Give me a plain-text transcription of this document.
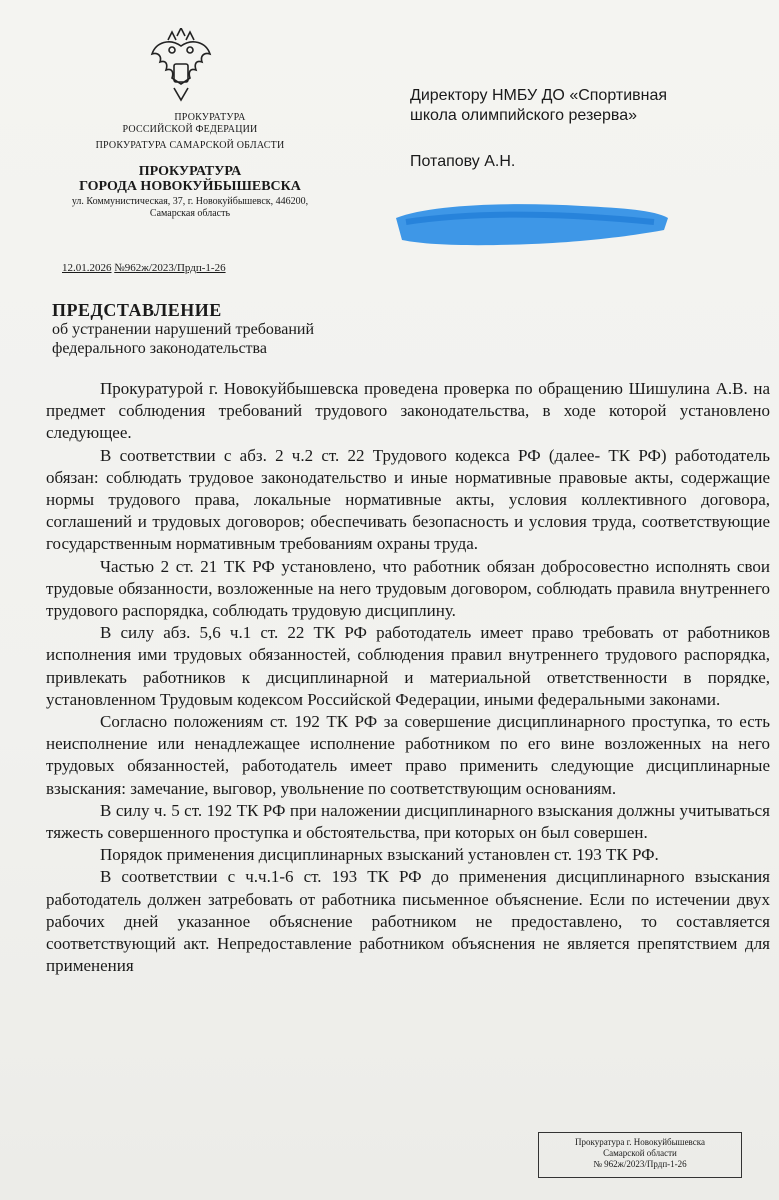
ПРОКУРАТУРА
РОССИЙСКОЙ ФЕДЕРАЦИИ
ПРОКУРАТУРА САМАРСКОЙ ОБЛАСТИ
ПРОКУРАТУРА
ГОРОДА НОВОКУЙБЫШЕВСКА
ул. Коммунистическая, 37, г. Новокуйбышевск, 446200,
Самарская область
12.01.2026 №962ж/2023/Прдп-1-26
Директору НМБУ ДО «Спортивная
школа олимпийского резерва»
Потапову А.Н.
ПРЕДСТАВЛЕНИЕ
об устранении нарушений требований
федерального законодательства

Прокуратурой г. Новокуйбышевска проведена проверка по обращению Шишулина А.В. на предмет соблюдения требований трудового законодательства, в ходе которой установлено следующее.

В соответствии с абз. 2 ч.2 ст. 22 Трудового кодекса РФ (далее- ТК РФ) работодатель обязан: соблюдать трудовое законодательство и иные нормативные правовые акты, содержащие нормы трудового права, локальные нормативные акты, условия коллективного договора, соглашений и трудовых договоров; обеспечивать безопасность и условия труда, соответствующие государственным нормативным требованиям охраны труда.

Частью 2 ст. 21 ТК РФ установлено, что работник обязан добросовестно исполнять свои трудовые обязанности, возложенные на него трудовым договором, соблюдать правила внутреннего трудового распорядка, соблюдать трудовую дисциплину.

В силу абз. 5,6 ч.1 ст. 22 ТК РФ работодатель имеет право требовать от работников исполнения ими трудовых обязанностей, соблюдения правил внутреннего трудового распорядка, привлекать работников к дисциплинарной и материальной ответственности в порядке, установленном Трудовым кодексом Российской Федерации, иными федеральными законами.

Согласно положениям ст. 192 ТК РФ за совершение дисциплинарного проступка, то есть неисполнение или ненадлежащее исполнение работником по его вине возложенных на него трудовых обязанностей, работодатель имеет право применить следующие дисциплинарные взыскания: замечание, выговор, увольнение по соответствующим основаниям.

В силу ч. 5 ст. 192 ТК РФ при наложении дисциплинарного взыскания должны учитываться тяжесть совершенного проступка и обстоятельства, при которых он был совершен.

Порядок применения дисциплинарных взысканий установлен ст. 193 ТК РФ.

В соответствии с ч.ч.1-6 ст. 193 ТК РФ до применения дисциплинарного взыскания работодатель должен затребовать от работника письменное объяснение. Если по истечении двух рабочих дней указанное объяснение работником не предоставлено, то составляется соответствующий акт. Непредоставление работником объяснения не является препятствием для применения

Прокуратура г. Новокуйбышевска
Самарской области
№ 962ж/2023/Прдп-1-26
